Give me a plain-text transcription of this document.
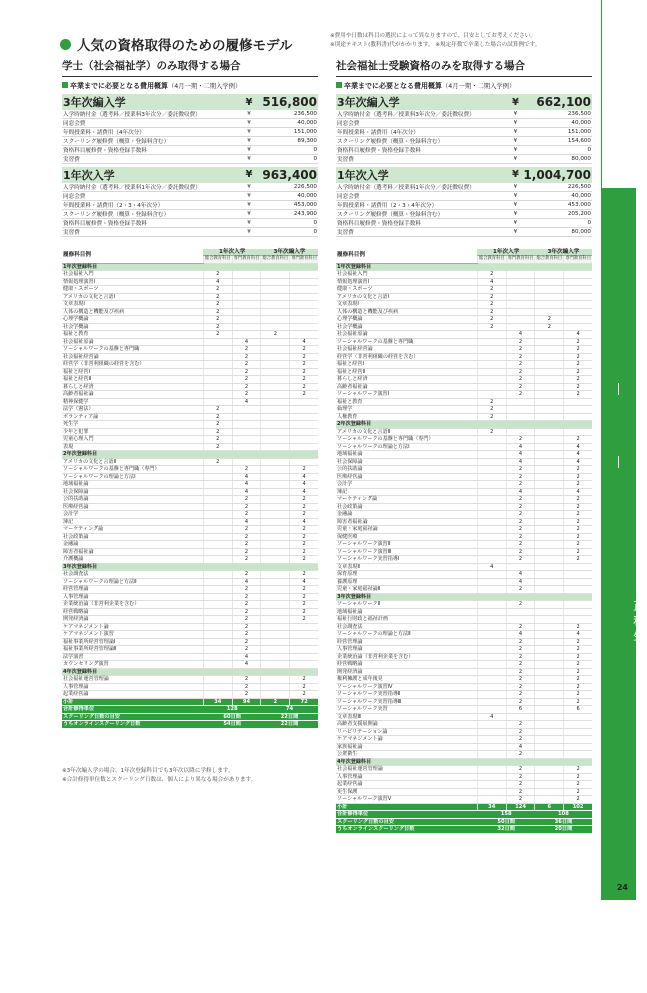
人気の資格取得のための履修モデル
※費用や日数は科目の選択によって異なりますので、目安としてお考えください。
※別途テキスト(教科書)代がかかります。 ※規定年数で卒業した場合の試算例です。
学士（社会福祉学）のみ取得する場合
卒業までに必要となる費用概算（4月一期・二期入学例）
3年次編入学	¥	516,800
入学時納付金（選考料／授業料3年次分／委託徴収費）	¥	236,500
同窓会費	¥	40,000
年間授業料・諸費用（4年次分）	¥	151,000
スクーリング履修費（概算・登録料含む）	¥	89,300
資格科目履修費・資格登録手数料	¥	0
実習費	¥	0

1年次入学	¥	963,400
入学時納付金（選考料／授業料1年次分／委託徴収費）	¥	226,500
同窓会費	¥	40,000
年間授業料・諸費用（2・3・4年次分）	¥	453,000
スクーリング履修費（概算・登録料含む）	¥	243,900
資格科目履修費・資格登録手数料	¥	0
実習費	¥	0
履修科目例	1年次入学		3年次編入学	
	総合教育科目	専門教育科目	総合教育科目	専門教育科目
1年次登録科目				
社会福祉入門	2			
情報処理演習Ⅰ	4			
健康・スポーツ	2			
アメリカの文化と言語Ⅰ	2			
文章表現Ⅰ	2			
人体の構造と機能及び疾病	2			
心理学概論	2			
社会学概論	2			
福祉と教育	2		2	
社会福祉原論		4		4
ソーシャルワークの基盤と専門職		2		2
社会福祉経営論		2		2
経営学（非営利組織の経営を含む）		2		2
福祉と経営Ⅰ		2		2
福祉と経営Ⅱ		2		2
暮らしと経済		2		2
高齢者福祉論		2		2
精神保健学		4		
法学（憲法）	2			
ボランティア論	2			
死生学	2			
少年と犯罪	2			
児童心理入門	2			
表現	2			
2年次登録科目				
アメリカの文化と言語Ⅱ	2			
ソーシャルワークの基盤と専門職（専門）		2		2
ソーシャルワークの理論と方法Ⅰ		4		4
地域福祉論		4		4
社会保障論		4		4
公的扶助論		2		2
医療経営論		2		2
会計学		2		2
簿記		4		4
マーケティング論		2		2
社会政策論		2		2
金融論		2		2
障害者福祉論		2		2
介護概論		2		2
3年次登録科目				
社会調査法		2		2
ソーシャルワークの理論と方法Ⅱ		4		4
経営管理論		2		2
人事管理論		2		2
企業統治論（非営利企業を含む）		2		2
経営戦略論		2		2
開発経済論		2		2
ケアマネジメント論		2		
ケアマネジメント演習		2		
福祉事業所経営管理論Ⅰ		2		
福祉事業所経営管理論Ⅱ		2		
法学演習		4		
カウンセリング演習		4		
4年次登録科目				
社会福祉運営管理論		2		2
人事管理論		2		2
起業経営論		2		2
小計	34	94	2	72
合計修得単位	128		74	
スクーリング日数の目安	60日間		22日間	
うちオンラインスクーリング日数	54日間		22日間	
※3年次編入学の場合、1年次登録科目でも3年次以降に学修します。
※合計修得単位数とスクーリング日数は、個人により異なる場合があります。
社会福祉士受験資格のみを取得する場合
卒業までに必要となる費用概算（4月一期・二期入学例）
3年次編入学	¥	662,100
入学時納付金（選考料／授業料3年次分／委託徴収費）	¥	236,500
同窓会費	¥	40,000
年間授業料・諸費用（4年次分）	¥	151,000
スクーリング履修費（概算・登録料含む）	¥	154,600
資格科目履修費・資格登録手数料	¥	0
実習費	¥	80,000

1年次入学	¥	1,004,700
入学時納付金（選考料／授業料1年次分／委託徴収費）	¥	226,500
同窓会費	¥	40,000
年間授業料・諸費用（2・3・4年次分）	¥	453,000
スクーリング履修費（概算・登録料含む）	¥	205,200
資格科目履修費・資格登録手数料	¥	0
実習費	¥	80,000
履修科目例	1年次入学		3年次編入学	
	総合教育科目	専門教育科目	総合教育科目	専門教育科目
1年次登録科目				
社会福祉入門	2			
情報処理演習Ⅰ	4			
健康・スポーツ	2			
アメリカの文化と言語Ⅰ	2			
文章表現Ⅰ	2			
人体の構造と機能及び疾病	2			
心理学概論	2		2	
社会学概論	2		2	
社会福祉原論		4		4
ソーシャルワークの基盤と専門職		2		2
社会福祉経営論		2		2
経営学（非営利組織の経営を含む）		2		2
福祉と経営Ⅰ		2		2
福祉と経営Ⅱ		2		2
暮らしと経済		2		2
高齢者福祉論		2		2
ソーシャルワーク演習Ⅰ		2		2
福祉と教育	2			
倫理学	2			
人権教育	2			
2年次登録科目				
アメリカの文化と言語Ⅱ	2			
ソーシャルワークの基盤と専門職（専門）		2		2
ソーシャルワークの理論と方法Ⅰ		4		4
地域福祉論		4		4
社会保障論		4		4
公的扶助論		2		2
医療経営論		2		2
会計学		2		2
簿記		4		4
マーケティング論		2		2
社会政策論		2		2
金融論		2		2
障害者福祉論		2		2
児童・家庭福祉論		2		2
保健医療		2		2
ソーシャルワーク演習Ⅱ		2		2
ソーシャルワーク演習Ⅲ		2		2
ソーシャルワーク実習指導Ⅰ		2		2
文章表現Ⅱ	4			
保育原理		4		
養護原理		4		
児童・家庭福祉論Ⅱ		2		
3年次登録科目				
ソーシャルワークⅡ		2		
地域福祉論				
福祉行財政と福祉計画				
社会調査法		2		2
ソーシャルワークの理論と方法Ⅱ		4		4
経営管理論		2		2
人事管理論		2		2
企業統治論（非営利企業を含む）		2		2
経営戦略論		2		2
開発経済論		2		2
権利擁護と成年後見		2		2
ソーシャルワーク演習Ⅳ		2		2
ソーシャルワーク実習指導Ⅱ		2		2
ソーシャルワーク実習指導Ⅲ		2		2
ソーシャルワーク実習		6		6
文章表現Ⅲ	4			
高齢者支援展開論		2		
リハビリテーション論		2		
ケアマネジメント論		2		
家族福祉論		4		
公衆衛生		2		
4年次登録科目				
社会福祉運営管理論		2		2
人事管理論		2		2
起業経営論		2		2
更生保護		2		2
ソーシャルワーク演習Ⅴ		2		2
小計	34	124	6	102
合計修得単位	158		108	
スクーリング日数の目安	50日間		36日間	
うちオンラインスクーリング日数	32日間		20日間	
正科生
社会福祉学部 社会福祉学科 経営福祉専攻
24
